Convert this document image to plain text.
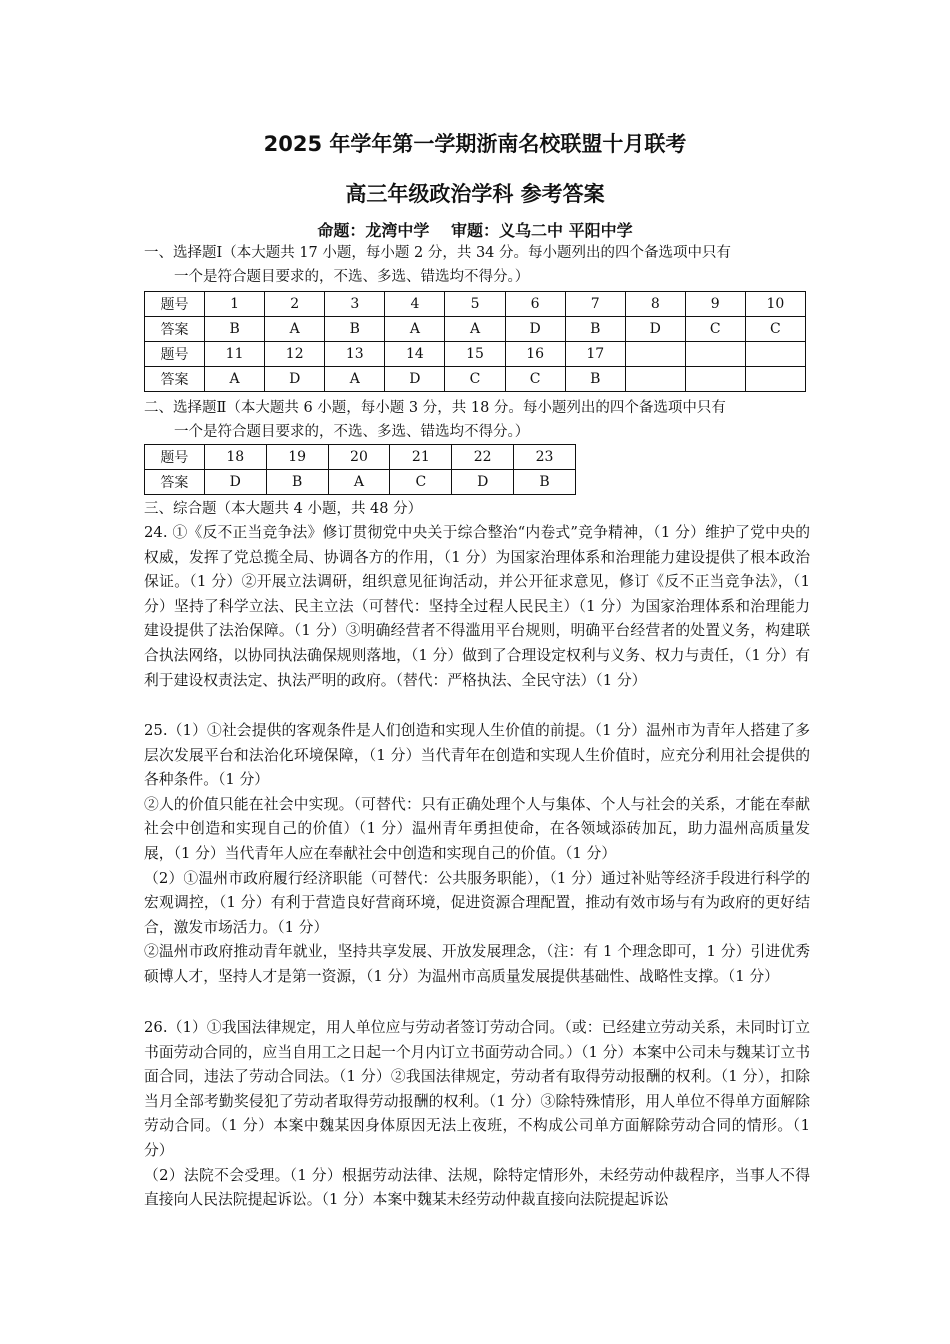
2025 年学年第一学期浙南名校联盟十月联考
高三年级政治学科 参考答案
命题：龙湾中学　 审题：义乌二中 平阳中学
一、选择题Ⅰ（本大题共 17 小题，每小题 2 分，共 34 分。每小题列出的四个备选项中只有
一个是符合题目要求的，不选、多选、错选均不得分。）
题号	1	2	3	4	5	6	7	8	9	10
答案	B	A	B	A	A	D	B	D	C	C
题号	11	12	13	14	15	16	17			
答案	A	D	A	D	C	C	B			
二、选择题Ⅱ（本大题共 6 小题，每小题 3 分，共 18 分。每小题列出的四个备选项中只有
一个是符合题目要求的，不选、多选、错选均不得分。）
题号	18	19	20	21	22	23
答案	D	B	A	C	D	B
三、综合题（本大题共 4 小题，共 48 分）

24. ①《反不正当竞争法》修订贯彻党中央关于综合整治“内卷式”竞争精神，（1 分）维护了党中央的权威，发挥了党总揽全局、协调各方的作用，（1 分）为国家治理体系和治理能力建设提供了根本政治保证。（1 分）②开展立法调研，组织意见征询活动，并公开征求意见，修订《反不正当竞争法》，（1 分）坚持了科学立法、民主立法（可替代：坚持全过程人民民主）（1 分）为国家治理体系和治理能力建设提供了法治保障。（1 分）③明确经营者不得滥用平台规则，明确平台经营者的处置义务，构建联合执法网络，以协同执法确保规则落地，（1 分）做到了合理设定权利与义务、权力与责任，（1 分）有利于建设权责法定、执法严明的政府。（替代：严格执法、全民守法）（1 分）

25.（1）①社会提供的客观条件是人们创造和实现人生价值的前提。（1 分）温州市为青年人搭建了多层次发展平台和法治化环境保障，（1 分）当代青年在创造和实现人生价值时，应充分利用社会提供的各种条件。（1 分）

②人的价值只能在社会中实现。（可替代：只有正确处理个人与集体、个人与社会的关系，才能在奉献社会中创造和实现自己的价值）（1 分）温州青年勇担使命，在各领域添砖加瓦，助力温州高质量发展，（1 分）当代青年人应在奉献社会中创造和实现自己的价值。（1 分）

（2）①温州市政府履行经济职能（可替代：公共服务职能），（1 分）通过补贴等经济手段进行科学的宏观调控，（1 分）有利于营造良好营商环境，促进资源合理配置，推动有效市场与有为政府的更好结合，激发市场活力。（1 分）

②温州市政府推动青年就业，坚持共享发展、开放发展理念，（注：有 1 个理念即可，1 分）引进优秀硕博人才，坚持人才是第一资源，（1 分）为温州市高质量发展提供基础性、战略性支撑。（1 分）

26.（1）①我国法律规定，用人单位应与劳动者签订劳动合同。（或：已经建立劳动关系，未同时订立书面劳动合同的，应当自用工之日起一个月内订立书面劳动合同。）（1 分）本案中公司未与魏某订立书面合同，违法了劳动合同法。（1 分）②我国法律规定，劳动者有取得劳动报酬的权利。（1 分），扣除当月全部考勤奖侵犯了劳动者取得劳动报酬的权利。（1 分）③除特殊情形，用人单位不得单方面解除劳动合同。（1 分）本案中魏某因身体原因无法上夜班，不构成公司单方面解除劳动合同的情形。（1 分）

（2）法院不会受理。（1 分）根据劳动法律、法规，除特定情形外，未经劳动仲裁程序，当事人不得直接向人民法院提起诉讼。（1 分）本案中魏某未经劳动仲裁直接向法院提起诉讼
